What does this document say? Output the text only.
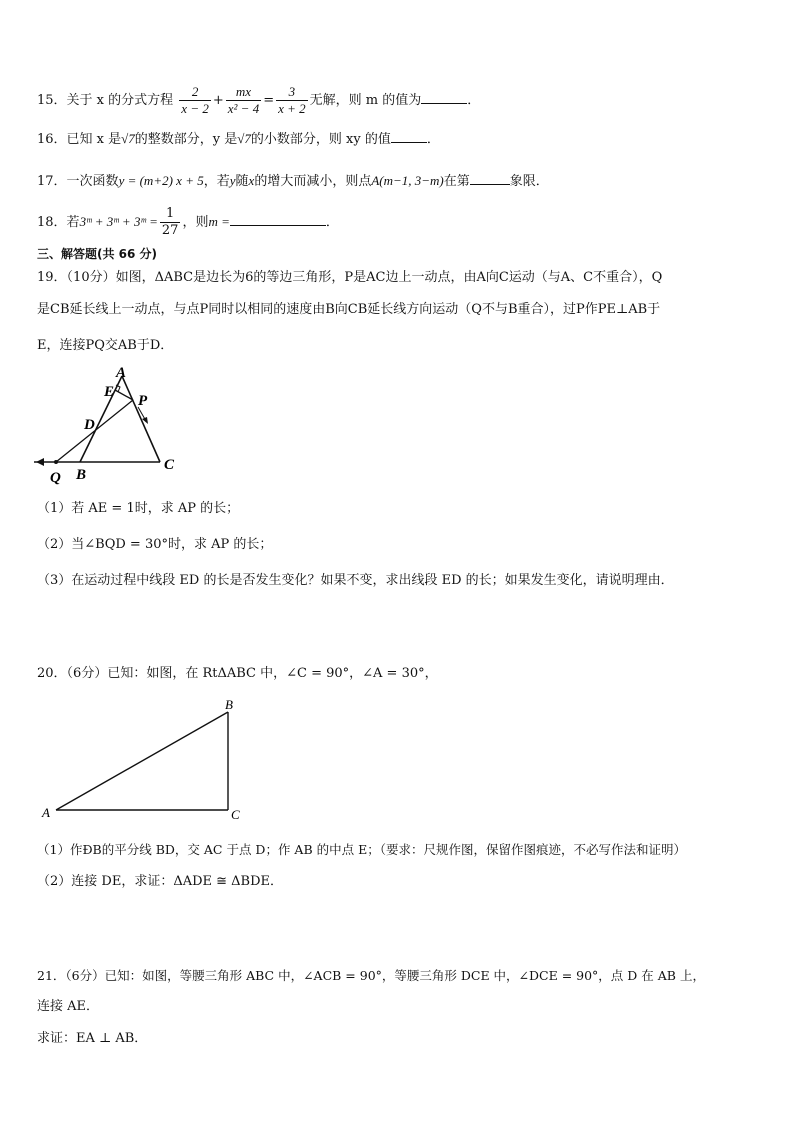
15．关于 x 的分式方程 $\frac{2}{x - 2} + \frac{mx}{\text{x² − 4}} = \frac{3}{x + 2}$ 无解，则 m 的值为	．
16．已知 x 是√7的整数部分，y 是√7的小数部分，则 xy 的值	．
17．一次函数y = (m+2) x + 5，若y随x的增大而减小，则点A(m−1, 3−m)在第	象限．
18．若3ᵐ + 3ᵐ + 3ᵐ = $\frac{1}{27}$ ，则m =	．
三、解答题(共 66 分)
19．（10分）如图，ΔABC是边长为6的等边三角形，P是AC边上一动点，由A向C运动（与A、C不重合），Q
是CB延长线上一动点，与点P同时以相同的速度由B向CB延长线方向运动（Q不与B重合），过P作PE⊥AB于
E，连接PQ交AB于D．
A
E
P
D
Q B
C
（1）若 AE = 1时，求 AP 的长；
（2）当∠BQD = 30°时，求 AP 的长；
（3）在运动过程中线段 ED 的长是否发生变化？如果不变，求出线段 ED 的长；如果发生变化，请说明理由．
20．（6分）已知：如图，在 RtΔABC 中，∠C = 90°，∠A = 30°，
A
B
C
（1）作ÐB的平分线 BD，交 AC 于点 D；作 AB 的中点 E；（要求：尺规作图，保留作图痕迹，不必写作法和证明）
（2）连接 DE，求证：ΔADE ≅ ΔBDE．
21．（6分）已知：如图，等腰三角形 ABC 中，∠ACB = 90°，等腰三角形 DCE 中，∠DCE = 90°，点 D 在 AB 上，
连接 AE．
求证：EA ⊥ AB．
